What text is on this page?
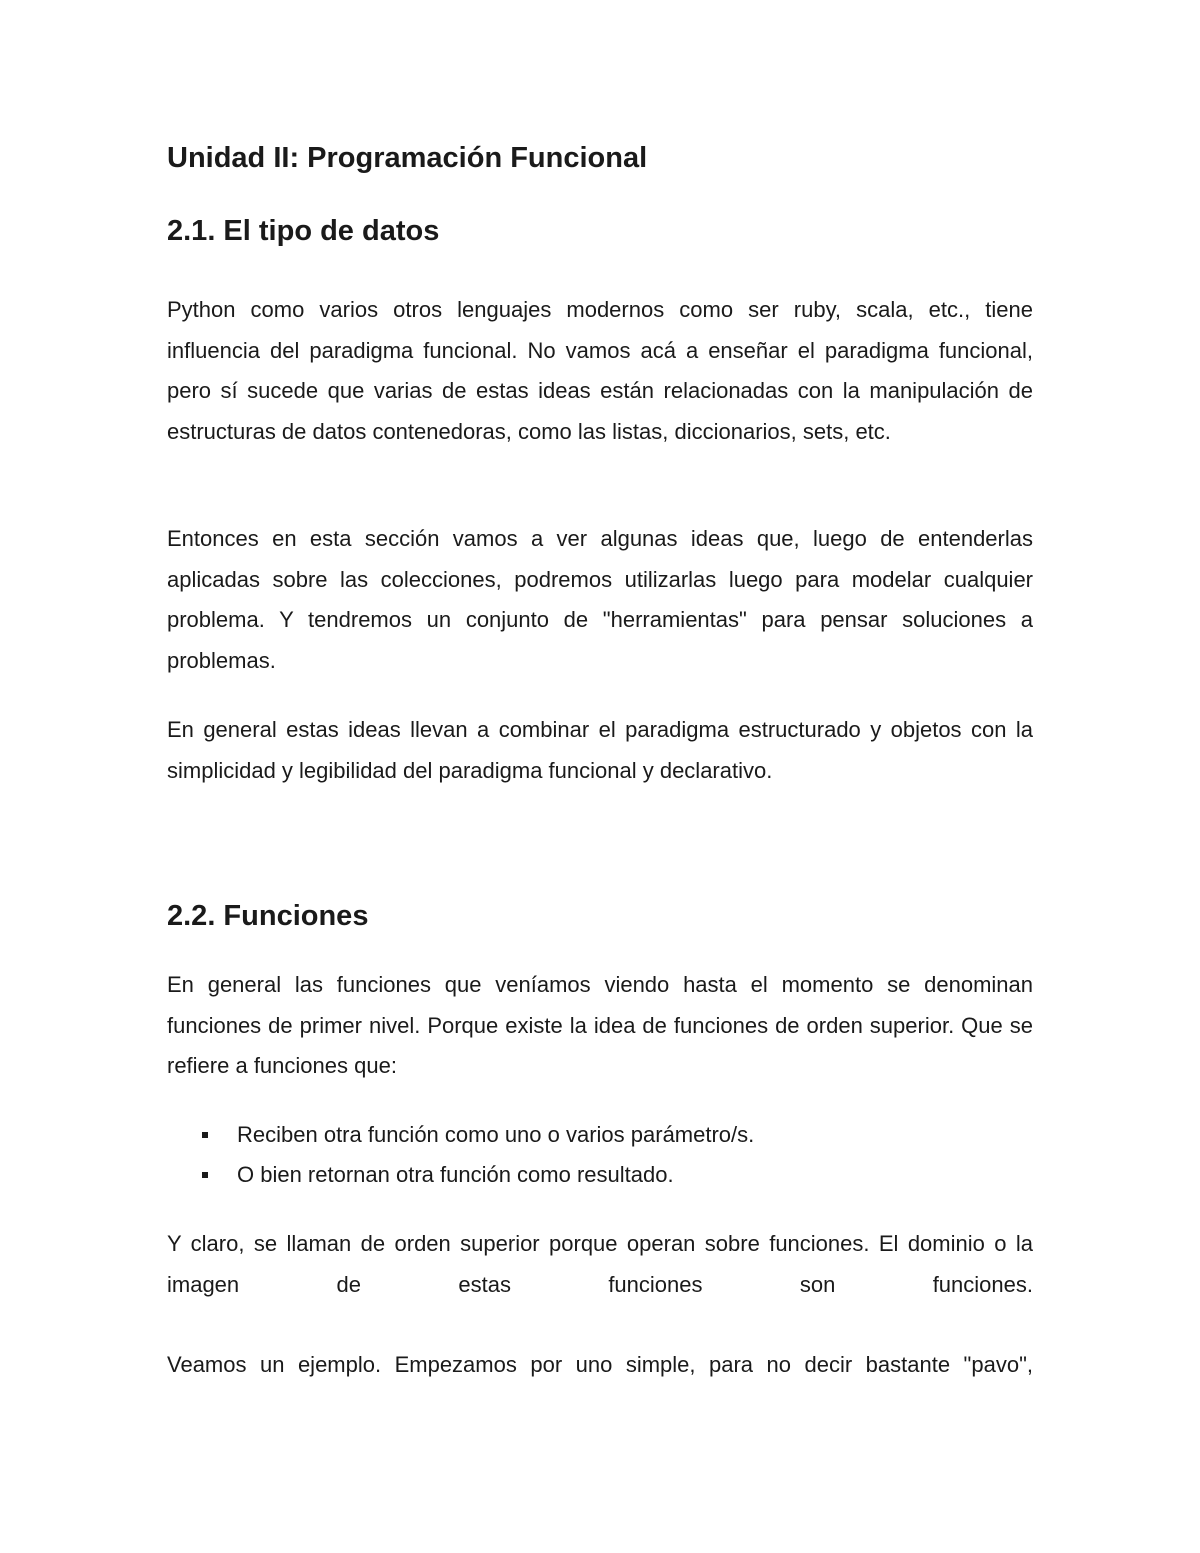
Unidad II: Programación Funcional
2.1. El tipo de datos

Python como varios otros lenguajes modernos como ser ruby, scala, etc., tiene influencia del paradigma funcional. No vamos acá a enseñar el paradigma funcional, pero sí sucede que varias de estas ideas están relacionadas con la manipulación de estructuras de datos contenedoras, como las listas, diccionarios, sets, etc.

Entonces en esta sección vamos a ver algunas ideas que, luego de entenderlas aplicadas sobre las colecciones, podremos utilizarlas luego para modelar cualquier problema. Y tendremos un conjunto de "herramientas" para pensar soluciones a problemas.

En general estas ideas llevan a combinar el paradigma estructurado y objetos con la simplicidad y legibilidad del paradigma funcional y declarativo.

2.2. Funciones

En general las funciones que veníamos viendo hasta el momento se denominan funciones de primer nivel. Porque existe la idea de funciones de orden superior. Que se refiere a funciones que:

Reciben otra función como uno o varios parámetro/s.
O bien retornan otra función como resultado.

Y claro, se llaman de orden superior porque operan sobre funciones. El dominio o la imagen de estas funciones son funciones.

Veamos un ejemplo. Empezamos por uno simple, para no decir bastante "pavo",
